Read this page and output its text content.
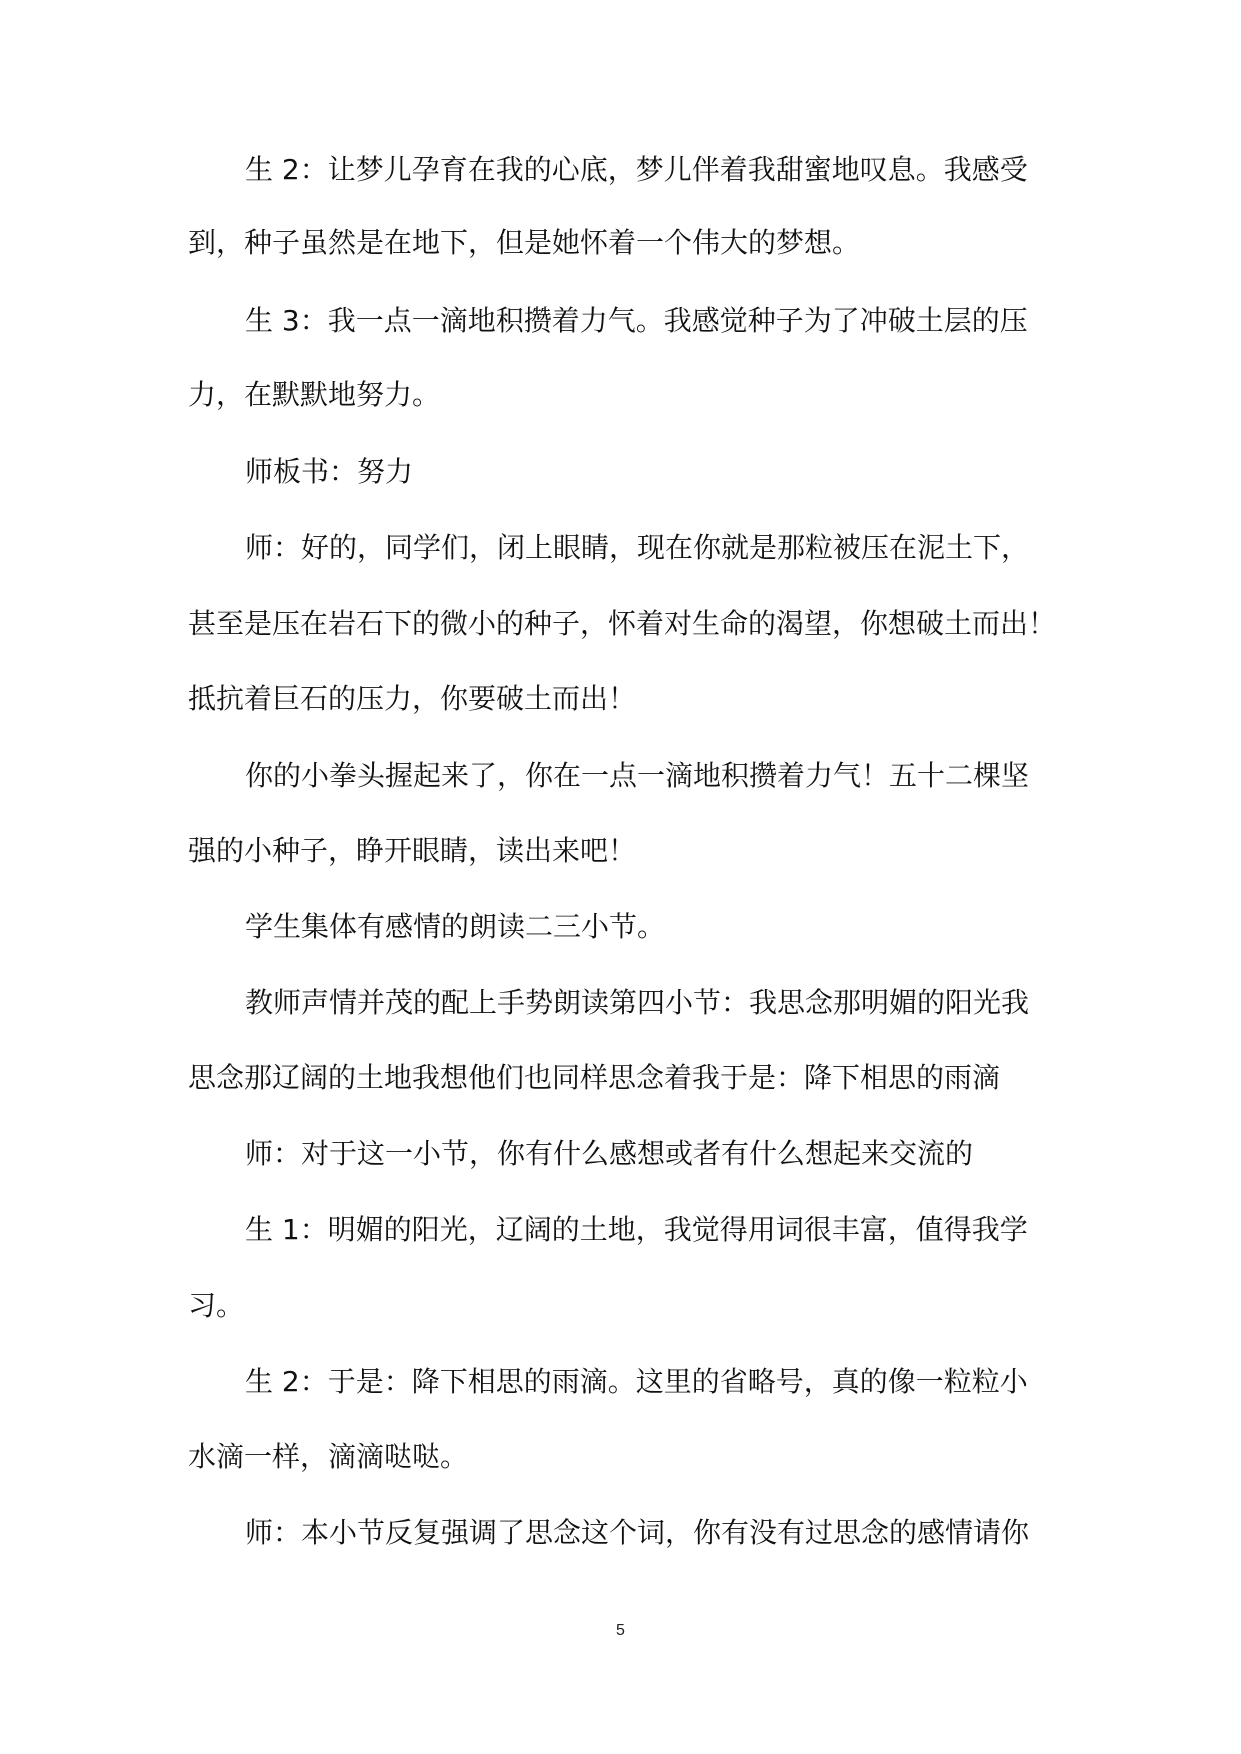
生 2：让梦儿孕育在我的心底，梦儿伴着我甜蜜地叹息。我感受

到，种子虽然是在地下，但是她怀着一个伟大的梦想。

生 3：我一点一滴地积攒着力气。我感觉种子为了冲破土层的压

力，在默默地努力。

师板书：努力

师：好的，同学们，闭上眼睛，现在你就是那粒被压在泥土下，

甚至是压在岩石下的微小的种子，怀着对生命的渴望，你想破土而出！

抵抗着巨石的压力，你要破土而出！

你的小拳头握起来了，你在一点一滴地积攒着力气！五十二棵坚

强的小种子，睁开眼睛，读出来吧！

学生集体有感情的朗读二三小节。

教师声情并茂的配上手势朗读第四小节：我思念那明媚的阳光我

思念那辽阔的土地我想他们也同样思念着我于是：降下相思的雨滴

师：对于这一小节，你有什么感想或者有什么想起来交流的

生 1：明媚的阳光，辽阔的土地，我觉得用词很丰富，值得我学

习。

生 2：于是：降下相思的雨滴。这里的省略号，真的像一粒粒小

水滴一样，滴滴哒哒。

师：本小节反复强调了思念这个词，你有没有过思念的感情请你

5
